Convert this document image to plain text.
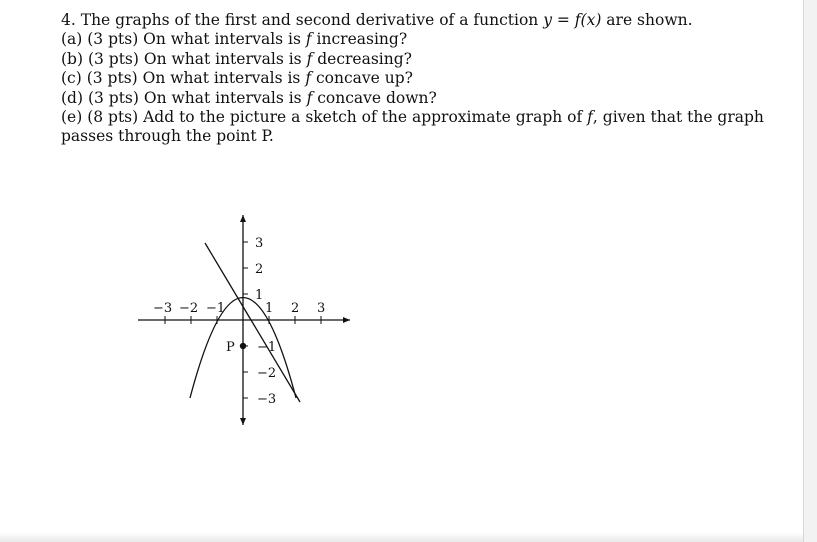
4. The graphs of the first and second derivative of a function y = f(x) are shown.
(a) (3 pts) On what intervals is f increasing?
(b) (3 pts) On what intervals is f decreasing?
(c) (3 pts) On what intervals is f concave up?
(d) (3 pts) On what intervals is f concave down?
(e) (8 pts) Add to the picture a sketch of the approximate graph of f, given that the graph
passes through the point P.
P
−3 −2 −1	1 2 3
3
2
1
−1
−2
−3
